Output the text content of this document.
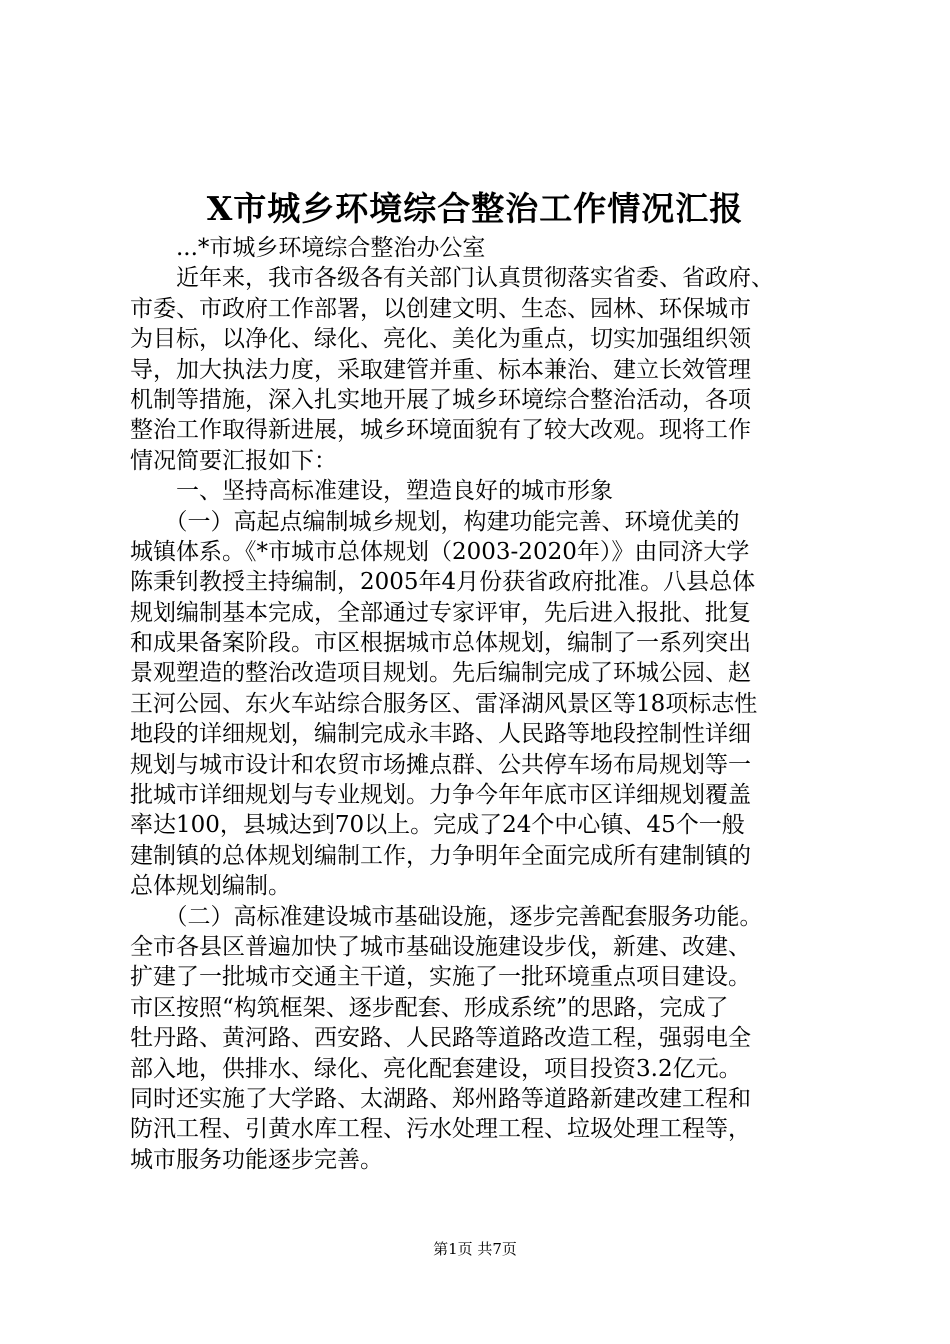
X市城乡环境综合整治工作情况汇报
　　...*市城乡环境综合整治办公室
　　近年来，我市各级各有关部门认真贯彻落实省委、省政府、
市委、市政府工作部署，以创建文明、生态、园林、环保城市
为目标，以净化、绿化、亮化、美化为重点，切实加强组织领
导，加大执法力度，采取建管并重、标本兼治、建立长效管理
机制等措施，深入扎实地开展了城乡环境综合整治活动，各项
整治工作取得新进展，城乡环境面貌有了较大改观。现将工作
情况简要汇报如下：
　　一、坚持高标准建设，塑造良好的城市形象
　　（一）高起点编制城乡规划，构建功能完善、环境优美的
城镇体系。《*市城市总体规划（2003-2020年）》由同济大学
陈秉钊教授主持编制，2005年4月份获省政府批准。八县总体
规划编制基本完成，全部通过专家评审，先后进入报批、批复
和成果备案阶段。市区根据城市总体规划，编制了一系列突出
景观塑造的整治改造项目规划。先后编制完成了环城公园、赵
王河公园、东火车站综合服务区、雷泽湖风景区等18项标志性
地段的详细规划，编制完成永丰路、人民路等地段控制性详细
规划与城市设计和农贸市场摊点群、公共停车场布局规划等一
批城市详细规划与专业规划。力争今年年底市区详细规划覆盖
率达100，县城达到70以上。完成了24个中心镇、45个一般
建制镇的总体规划编制工作，力争明年全面完成所有建制镇的
总体规划编制。
　　（二）高标准建设城市基础设施，逐步完善配套服务功能。
全市各县区普遍加快了城市基础设施建设步伐，新建、改建、
扩建了一批城市交通主干道，实施了一批环境重点项目建设。
市区按照“构筑框架、逐步配套、形成系统”的思路，完成了
牡丹路、黄河路、西安路、人民路等道路改造工程，强弱电全
部入地，供排水、绿化、亮化配套建设，项目投资3.2亿元。
同时还实施了大学路、太湖路、郑州路等道路新建改建工程和
防汛工程、引黄水库工程、污水处理工程、垃圾处理工程等，
城市服务功能逐步完善。
第1页 共7页
